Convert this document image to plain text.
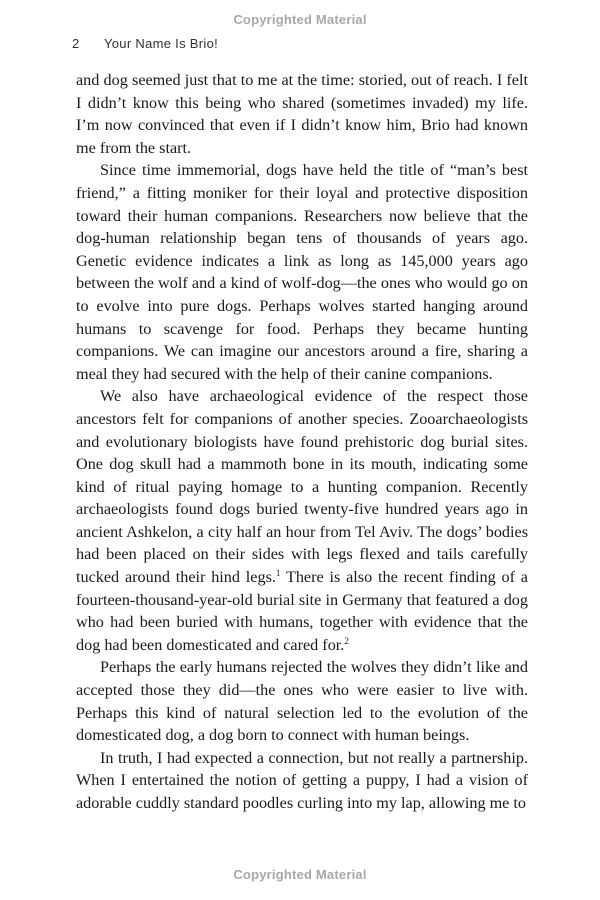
Copyrighted Material
2 Your Name Is Brio!

and dog seemed just that to me at the time: storied, out of reach. I felt I didn’t know this being who shared (sometimes invaded) my life. I’m now convinced that even if I didn’t know him, Brio had known me from the start.

Since time immemorial, dogs have held the title of “man’s best friend,” a fitting moniker for their loyal and protective disposition toward their human companions. Researchers now believe that the dog-human relationship began tens of thousands of years ago. Genetic evidence indicates a link as long as 145,000 years ago between the wolf and a kind of wolf-dog—the ones who would go on to evolve into pure dogs. Perhaps wolves started hanging around humans to scavenge for food. Perhaps they became hunting companions. We can imagine our ancestors around a fire, sharing a meal they had secured with the help of their canine companions.

We also have archaeological evidence of the respect those ancestors felt for companions of another species. Zooarchaeologists and evolutionary biologists have found prehistoric dog burial sites. One dog skull had a mammoth bone in its mouth, indicating some kind of ritual paying homage to a hunting companion. Recently archaeologists found dogs buried twenty-five hundred years ago in ancient Ashkelon, a city half an hour from Tel Aviv. The dogs’ bodies had been placed on their sides with legs flexed and tails carefully tucked around their hind legs.$^1$ There is also the recent finding of a fourteen-thousand-year-old burial site in Germany that featured a dog who had been buried with humans, together with evidence that the dog had been domesticated and cared for.$^2$

Perhaps the early humans rejected the wolves they didn’t like and accepted those they did—the ones who were easier to live with. Perhaps this kind of natural selection led to the evolution of the domesticated dog, a dog born to connect with human beings.

In truth, I had expected a connection, but not really a partnership. When I entertained the notion of getting a puppy, I had a vision of adorable cuddly standard poodles curling into my lap, allowing me to

Copyrighted Material
